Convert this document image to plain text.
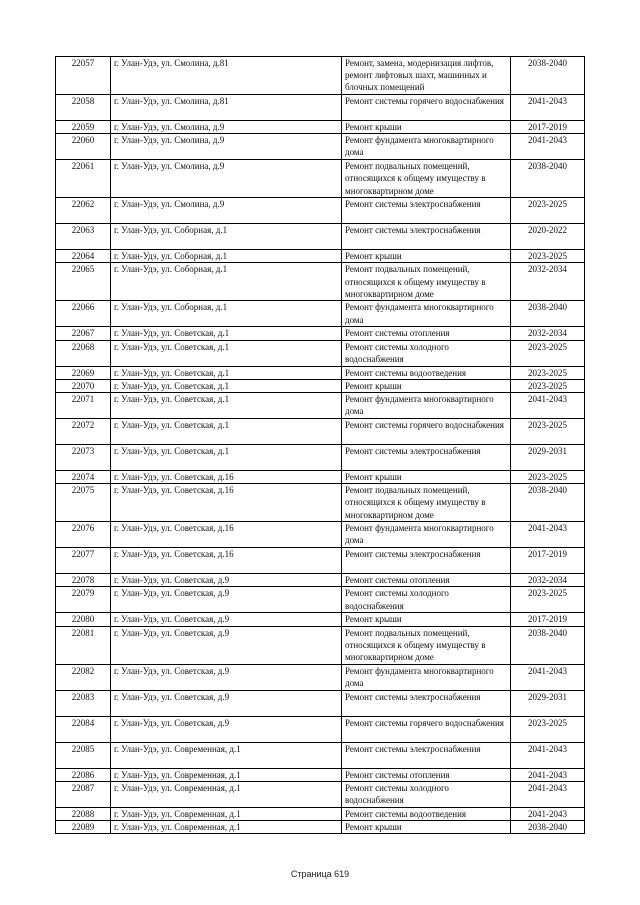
22057	г. Улан-Удэ, ул. Смолина, д.81	Ремонт, замена, модернизация лифтов, ремонт лифтовых шахт, машинных и блочных помещений	2038-2040
22058	г. Улан-Удэ, ул. Смолина, д.81	Ремонт системы горячего водоснабжения	2041-2043
22059	г. Улан-Удэ, ул. Смолина, д.9	Ремонт крыши	2017-2019
22060	г. Улан-Удэ, ул. Смолина, д.9	Ремонт фундамента многоквартирного дома	2041-2043
22061	г. Улан-Удэ, ул. Смолина, д.9	Ремонт подвальных помещений, относящихся к общему имуществу в многоквартирном доме	2038-2040
22062	г. Улан-Удэ, ул. Смолина, д.9	Ремонт системы электроснабжения	2023-2025
22063	г. Улан-Удэ, ул. Соборная, д.1	Ремонт системы электроснабжения	2020-2022
22064	г. Улан-Удэ, ул. Соборная, д.1	Ремонт крыши	2023-2025
22065	г. Улан-Удэ, ул. Соборная, д.1	Ремонт подвальных помещений, относящихся к общему имуществу в многоквартирном доме	2032-2034
22066	г. Улан-Удэ, ул. Соборная, д.1	Ремонт фундамента многоквартирного дома	2038-2040
22067	г. Улан-Удэ, ул. Советская, д.1	Ремонт системы отопления	2032-2034
22068	г. Улан-Удэ, ул. Советская, д.1	Ремонт системы холодного водоснабжения	2023-2025
22069	г. Улан-Удэ, ул. Советская, д.1	Ремонт системы водоотведения	2023-2025
22070	г. Улан-Удэ, ул. Советская, д.1	Ремонт крыши	2023-2025
22071	г. Улан-Удэ, ул. Советская, д.1	Ремонт фундамента многоквартирного дома	2041-2043
22072	г. Улан-Удэ, ул. Советская, д.1	Ремонт системы горячего водоснабжения	2023-2025
22073	г. Улан-Удэ, ул. Советская, д.1	Ремонт системы электроснабжения	2029-2031
22074	г. Улан-Удэ, ул. Советская, д.16	Ремонт крыши	2023-2025
22075	г. Улан-Удэ, ул. Советская, д.16	Ремонт подвальных помещений, относящихся к общему имуществу в многоквартирном доме	2038-2040
22076	г. Улан-Удэ, ул. Советская, д.16	Ремонт фундамента многоквартирного дома	2041-2043
22077	г. Улан-Удэ, ул. Советская, д.16	Ремонт системы электроснабжения	2017-2019
22078	г. Улан-Удэ, ул. Советская, д.9	Ремонт системы отопления	2032-2034
22079	г. Улан-Удэ, ул. Советская, д.9	Ремонт системы холодного водоснабжения	2023-2025
22080	г. Улан-Удэ, ул. Советская, д.9	Ремонт крыши	2017-2019
22081	г. Улан-Удэ, ул. Советская, д.9	Ремонт подвальных помещений, относящихся к общему имуществу в многоквартирном доме	2038-2040
22082	г. Улан-Удэ, ул. Советская, д.9	Ремонт фундамента многоквартирного дома	2041-2043
22083	г. Улан-Удэ, ул. Советская, д.9	Ремонт системы электроснабжения	2029-2031
22084	г. Улан-Удэ, ул. Советская, д.9	Ремонт системы горячего водоснабжения	2023-2025
22085	г. Улан-Удэ, ул. Современная, д.1	Ремонт системы электроснабжения	2041-2043
22086	г. Улан-Удэ, ул. Современная, д.1	Ремонт системы отопления	2041-2043
22087	г. Улан-Удэ, ул. Современная, д.1	Ремонт системы холодного водоснабжения	2041-2043
22088	г. Улан-Удэ, ул. Современная, д.1	Ремонт системы водоотведения	2041-2043
22089	г. Улан-Удэ, ул. Современная, д.1	Ремонт крыши	2038-2040
Страница 619
